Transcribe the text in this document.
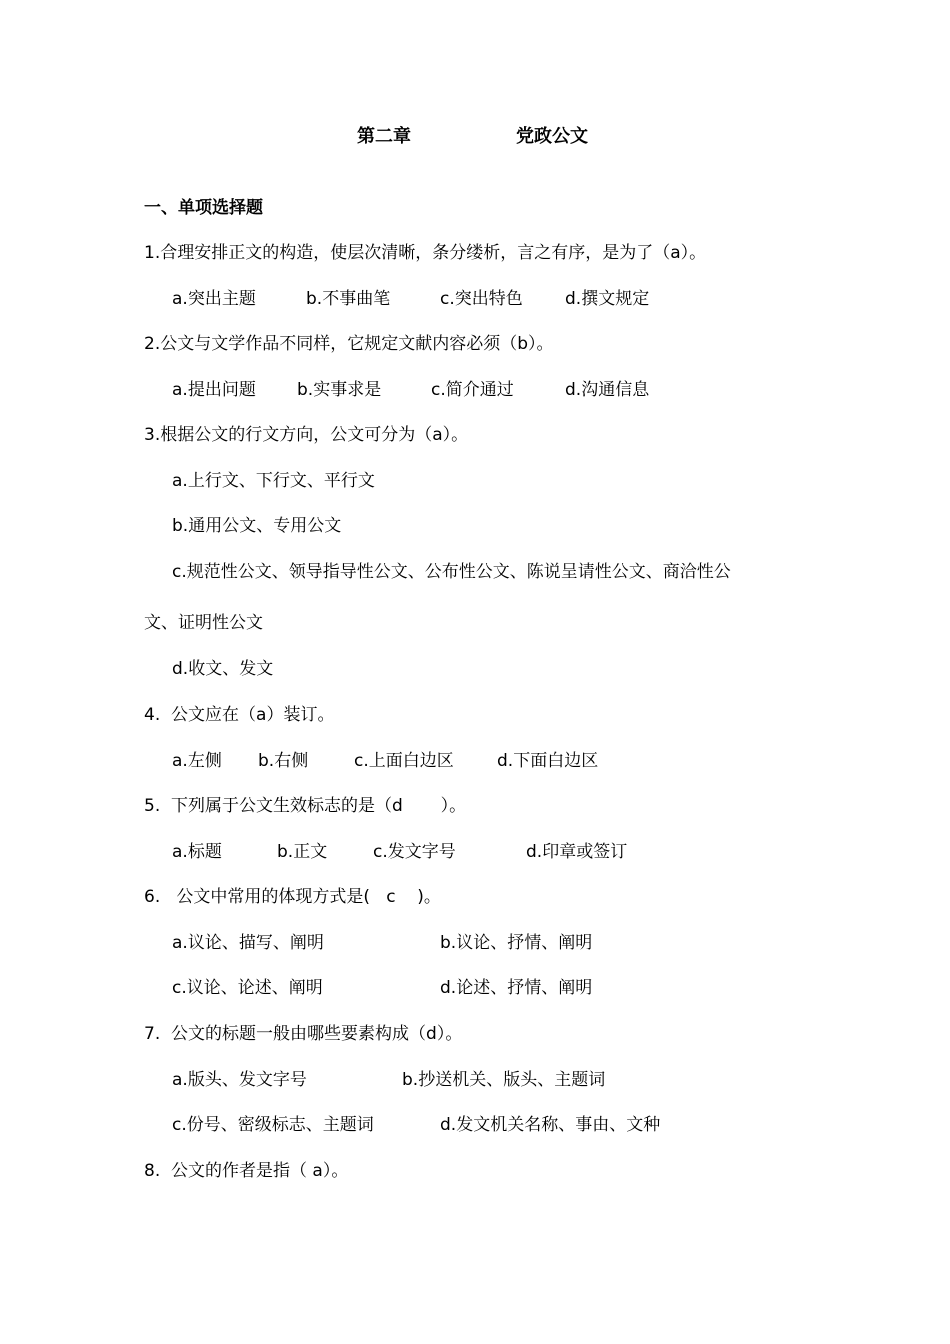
第二章	党政公文
一、单项选择题
1.合理安排正文的构造，使层次清晰，条分缕析，言之有序，是为了（a）。
a.突出主题	b.不事曲笔	c.突出特色 d.撰文规定
2.公文与文学作品不同样，它规定文献内容必须（b）。
a.提出问题 b.实事求是	c.简介通过	d.沟通信息
3.根据公文的行文方向，公文可分为（a）。
a.上行文、下行文、平行文
b.通用公文、专用公文
c.规范性公文、领导指导性公文、公布性公文、陈说呈请性公文、商洽性公
文、证明性公文
d.收文、发文
4.  公文应在（a）装订。
a.左侧 b.右侧	c.上面白边区	d.下面白边区
5.  下列属于公文生效标志的是（d       ）。
a.标题	b.正文	c.发文字号	d.印章或签订
6.   公文中常用的体现方式是(   c    )。
a.议论、描写、阐明	b.议论、抒情、阐明
c.议论、论述、阐明	d.论述、抒情、阐明
7.  公文的标题一般由哪些要素构成（d）。
a.版头、发文字号	b.抄送机关、版头、主题词
c.份号、密级标志、主题词	d.发文机关名称、事由、文种
8.  公文的作者是指（ a）。
